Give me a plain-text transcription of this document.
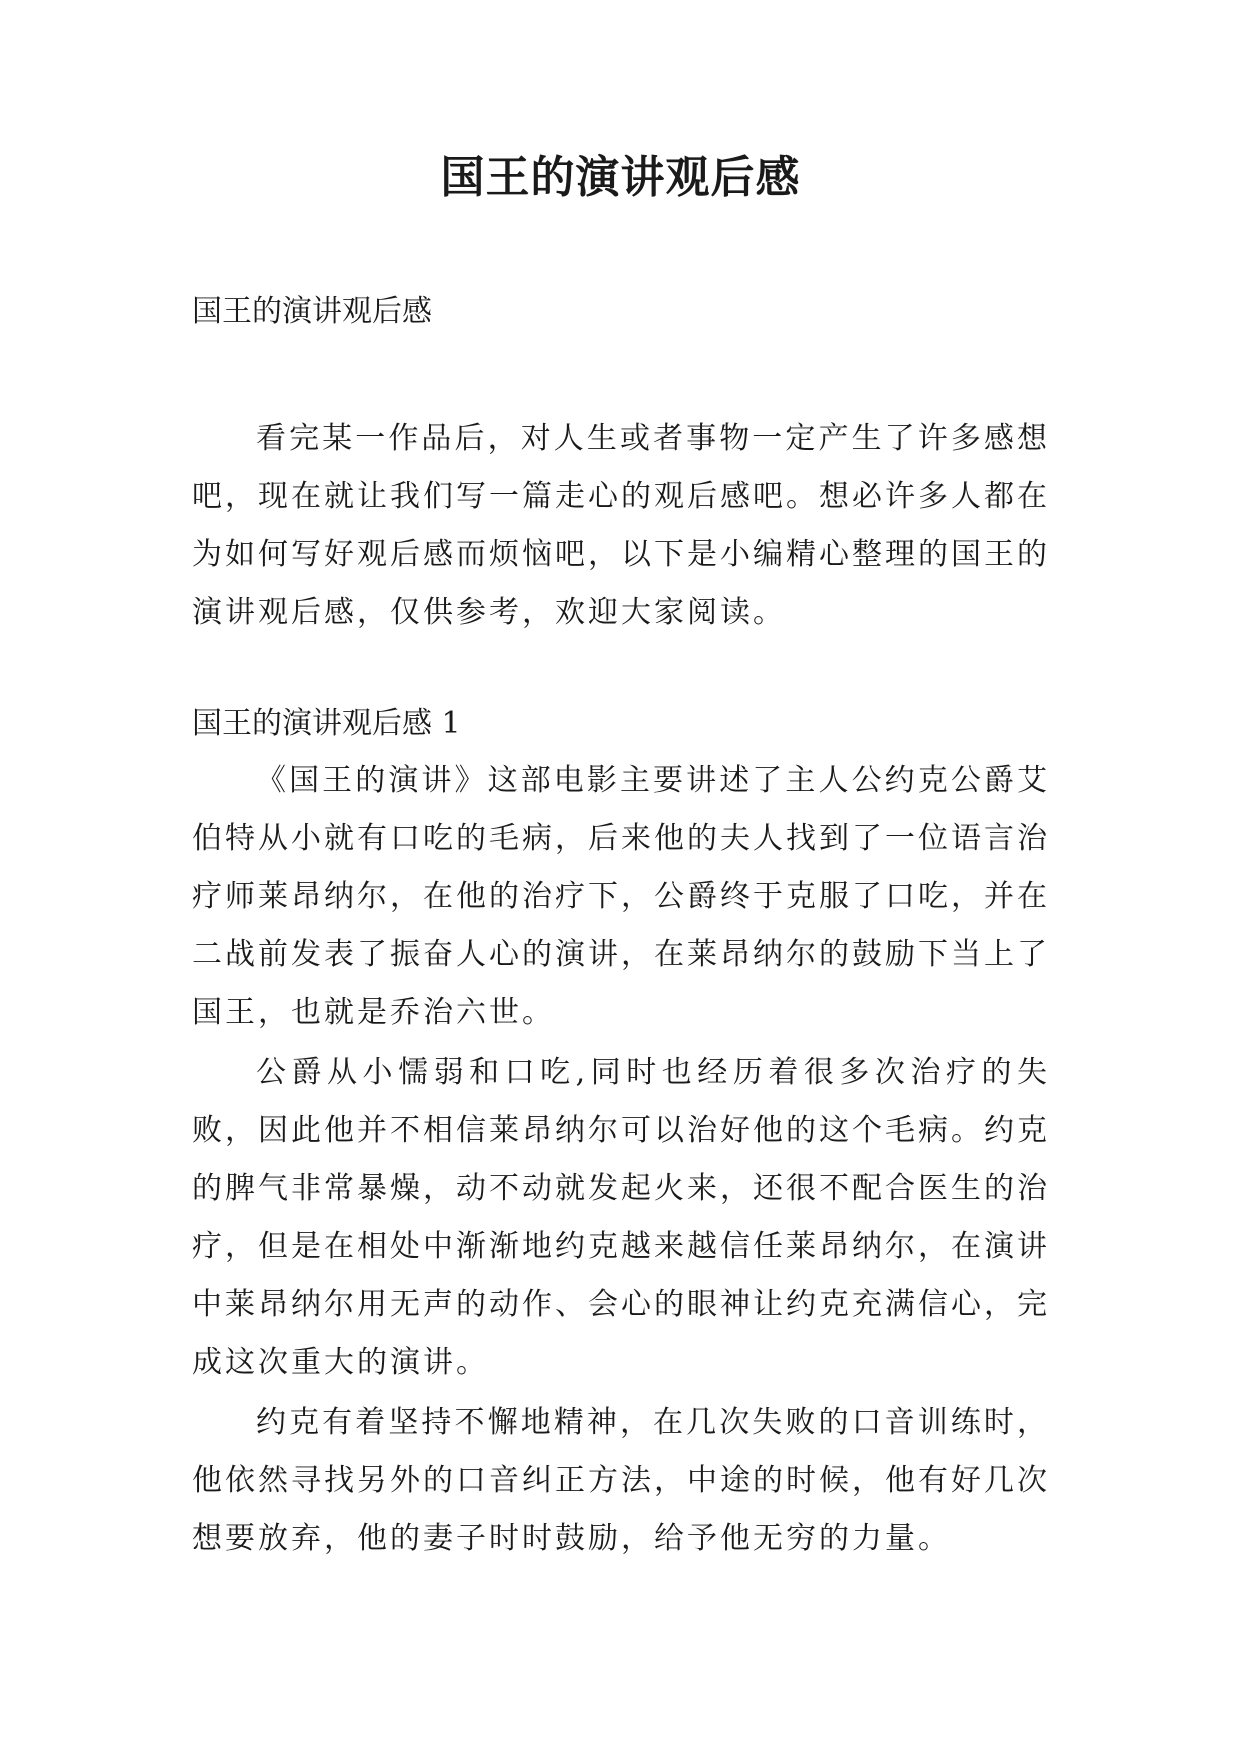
国王的演讲观后感

国王的演讲观后感

看完某一作品后，对人生或者事物一定产生了许多感想吧，现在就让我们写一篇走心的观后感吧。想必许多人都在为如何写好观后感而烦恼吧，以下是小编精心整理的国王的演讲观后感，仅供参考，欢迎大家阅读。

国王的演讲观后感 1

《国王的演讲》这部电影主要讲述了主人公约克公爵艾伯特从小就有口吃的毛病，后来他的夫人找到了一位语言治疗师莱昂纳尔，在他的治疗下，公爵终于克服了口吃，并在二战前发表了振奋人心的演讲，在莱昂纳尔的鼓励下当上了国王，也就是乔治六世。

公爵从小懦弱和口吃,同时也经历着很多次治疗的失败，因此他并不相信莱昂纳尔可以治好他的这个毛病。约克的脾气非常暴燥，动不动就发起火来，还很不配合医生的治疗，但是在相处中渐渐地约克越来越信任莱昂纳尔，在演讲中莱昂纳尔用无声的动作、会心的眼神让约克充满信心，完成这次重大的演讲。

约克有着坚持不懈地精神，在几次失败的口音训练时，他依然寻找另外的口音纠正方法，中途的时候，他有好几次想要放弃，他的妻子时时鼓励，给予他无穷的力量。
